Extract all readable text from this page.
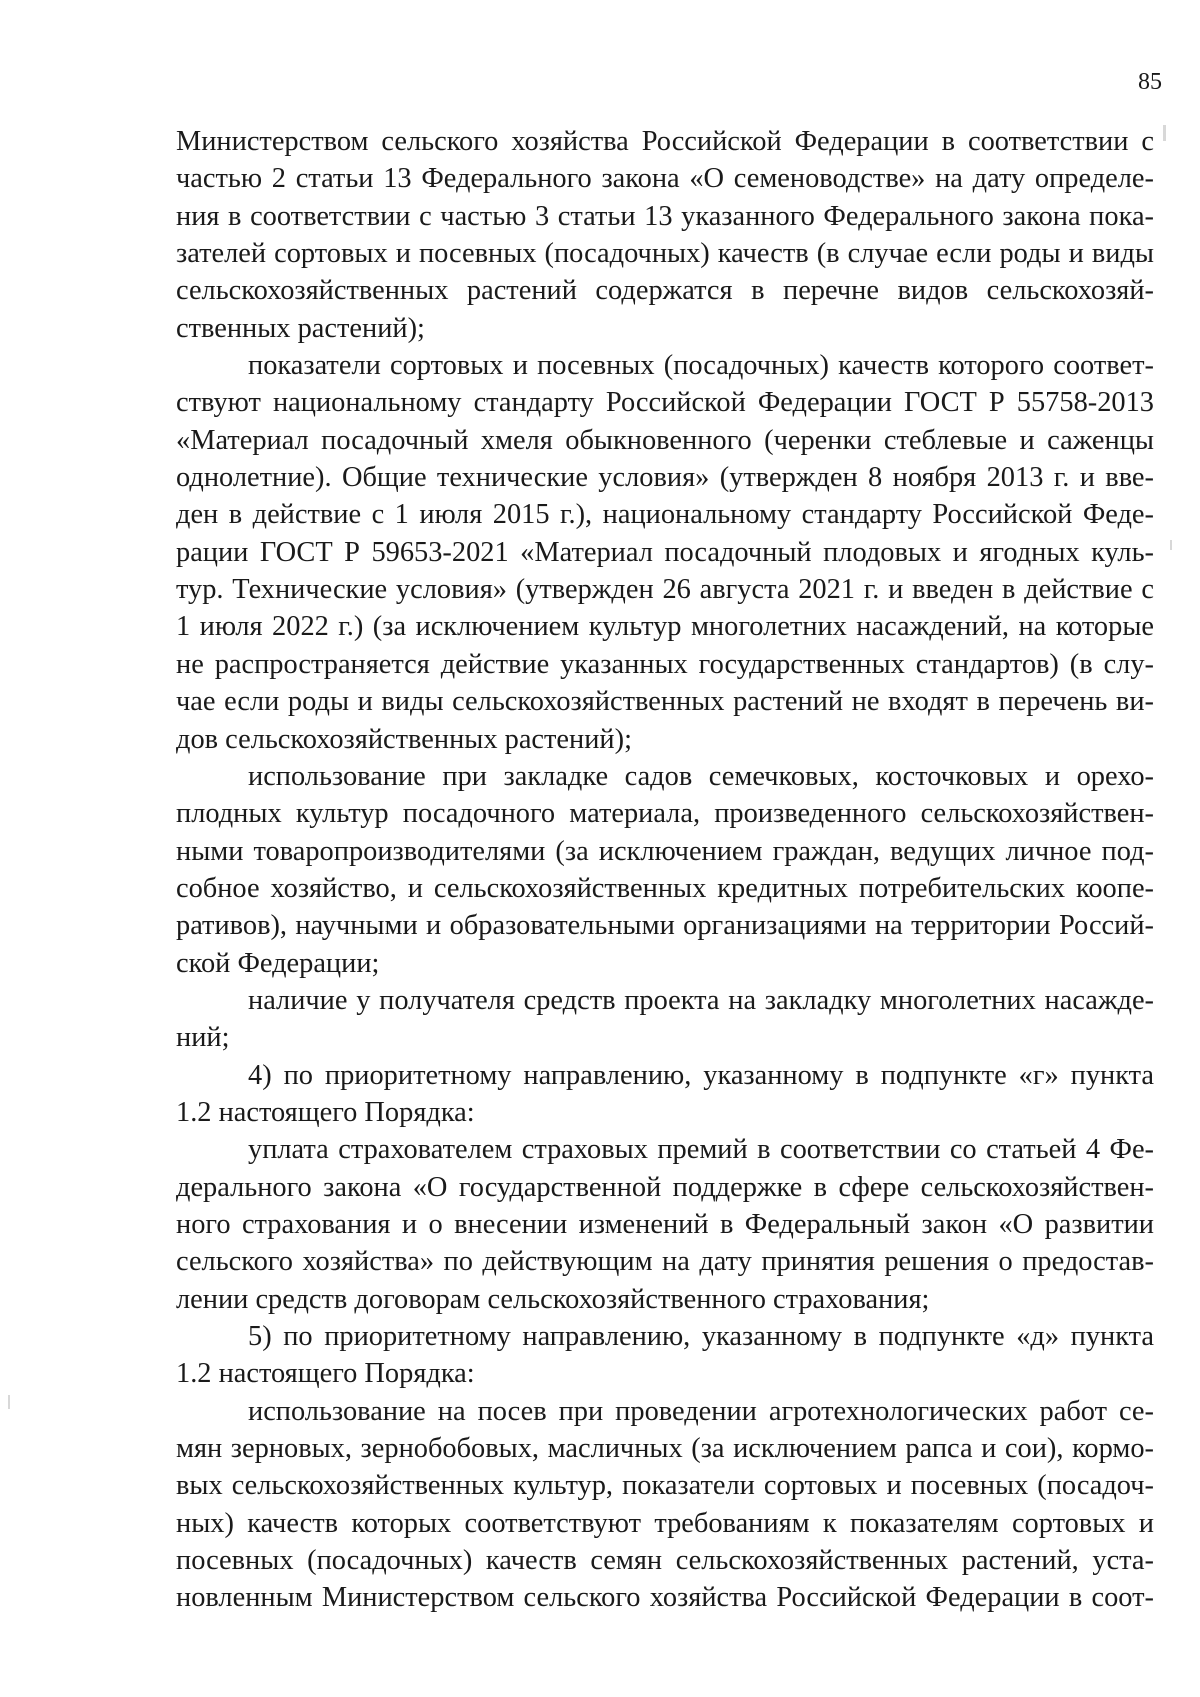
85
Министерством сельского хозяйства Российской Федерации в соответствии с
частью 2 статьи 13 Федерального закона «О семеноводстве» на дату определе-
ния в соответствии с частью 3 статьи 13 указанного Федерального закона пока-
зателей сортовых и посевных (посадочных) качеств (в случае если роды и виды
сельскохозяйственных растений содержатся в перечне видов сельскохозяй-
ственных растений);
показатели сортовых и посевных (посадочных) качеств которого соответ-
ствуют национальному стандарту Российской Федерации ГОСТ Р 55758-2013
«Материал посадочный хмеля обыкновенного (черенки стеблевые и саженцы
однолетние). Общие технические условия» (утвержден 8 ноября 2013 г. и вве-
ден в действие с 1 июля 2015 г.), национальному стандарту Российской Феде-
рации ГОСТ Р 59653-2021 «Материал посадочный плодовых и ягодных куль-
тур. Технические условия» (утвержден 26 августа 2021 г. и введен в действие с
1 июля 2022 г.) (за исключением культур многолетних насаждений, на которые
не распространяется действие указанных государственных стандартов) (в слу-
чае если роды и виды сельскохозяйственных растений не входят в перечень ви-
дов сельскохозяйственных растений);
использование при закладке садов семечковых, косточковых и орехо-
плодных культур посадочного материала, произведенного сельскохозяйствен-
ными товаропроизводителями (за исключением граждан, ведущих личное под-
собное хозяйство, и сельскохозяйственных кредитных потребительских коопе-
ративов), научными и образовательными организациями на территории Россий-
ской Федерации;
наличие у получателя средств проекта на закладку многолетних насажде-
ний;
4) по приоритетному направлению, указанному в подпункте «г» пункта
1.2 настоящего Порядка:
уплата страхователем страховых премий в соответствии со статьей 4 Фе-
дерального закона «О государственной поддержке в сфере сельскохозяйствен-
ного страхования и о внесении изменений в Федеральный закон «О развитии
сельского хозяйства» по действующим на дату принятия решения о предостав-
лении средств договорам сельскохозяйственного страхования;
5) по приоритетному направлению, указанному в подпункте «д» пункта
1.2 настоящего Порядка:
использование на посев при проведении агротехнологических работ се-
мян зерновых, зернобобовых, масличных (за исключением рапса и сои), кормо-
вых сельскохозяйственных культур, показатели сортовых и посевных (посадоч-
ных) качеств которых соответствуют требованиям к показателям сортовых и
посевных (посадочных) качеств семян сельскохозяйственных растений, уста-
новленным Министерством сельского хозяйства Российской Федерации в соот-
